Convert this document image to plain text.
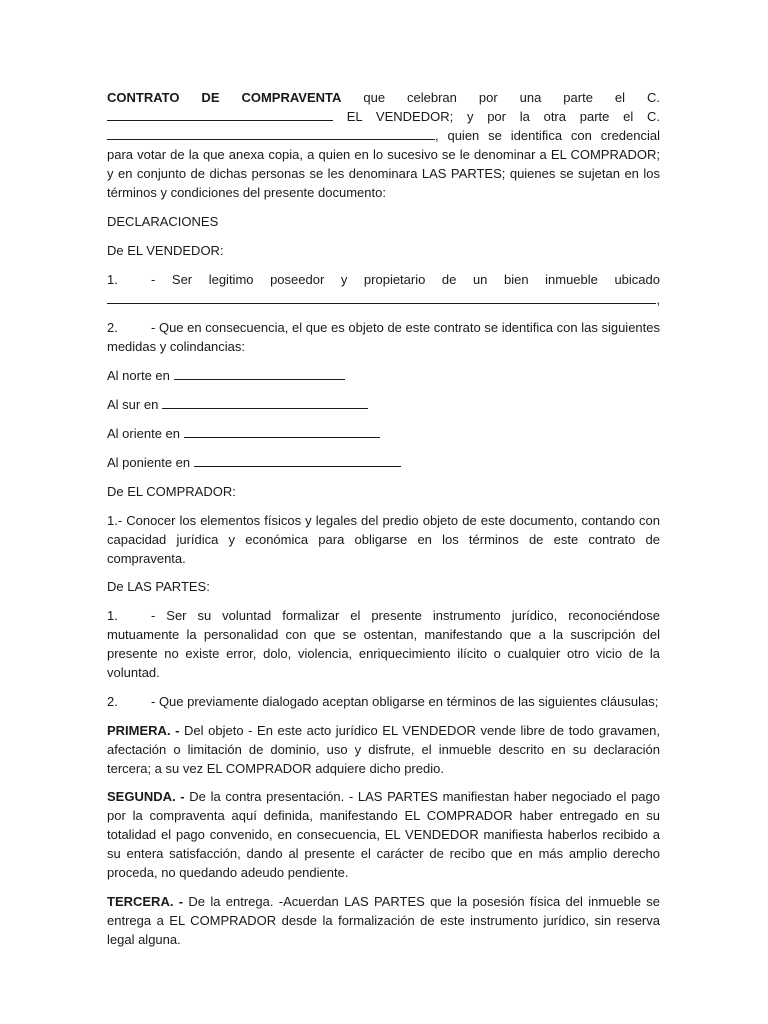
CONTRATO DE COMPRAVENTA que celebran por una parte el C.  EL VENDEDOR; y por la otra parte el C. , quien se identifica con credencial para votar de la que anexa copia, a quien en lo sucesivo se le denominar a EL COMPRADOR; y en conjunto de dichas personas se les denominara LAS PARTES; quienes se sujetan en los términos y condiciones del presente documento:

DECLARACIONES

De EL VENDEDOR:

1.	- Ser legitimo poseedor y propietario de un bien inmueble ubicado
,

2.	- Que en consecuencia, el que es objeto de este contrato se identifica con las siguientes medidas y colindancias:

Al norte en

Al sur en

Al oriente en

Al poniente en

De EL COMPRADOR:

1.- Conocer los elementos físicos y legales del predio objeto de este documento, contando con capacidad jurídica y económica para obligarse en los términos de este contrato de compraventa.

De LAS PARTES:

1.	- Ser su voluntad formalizar el presente instrumento jurídico, reconociéndose mutuamente la personalidad con que se ostentan, manifestando que a la suscripción del presente no existe error, dolo, violencia, enriquecimiento ilícito o cualquier otro vicio de la voluntad.

2.	- Que previamente dialogado aceptan obligarse en términos de las siguientes cláusulas;

PRIMERA. - Del objeto - En este acto jurídico EL VENDEDOR vende libre de todo gravamen, afectación o limitación de dominio, uso y disfrute, el inmueble descrito en su declaración tercera; a su vez EL COMPRADOR adquiere dicho predio.

SEGUNDA. - De la contra presentación. - LAS PARTES manifiestan haber negociado el pago por la compraventa aquí definida, manifestando EL COMPRADOR haber entregado en su totalidad el pago convenido, en consecuencia, EL VENDEDOR manifiesta haberlos recibido a su entera satisfacción, dando al presente el carácter de recibo que en más amplio derecho proceda, no quedando adeudo pendiente.

TERCERA. - De la entrega. -Acuerdan LAS PARTES que la posesión física del inmueble se entrega a EL COMPRADOR desde la formalización de este instrumento jurídico, sin reserva legal alguna.
